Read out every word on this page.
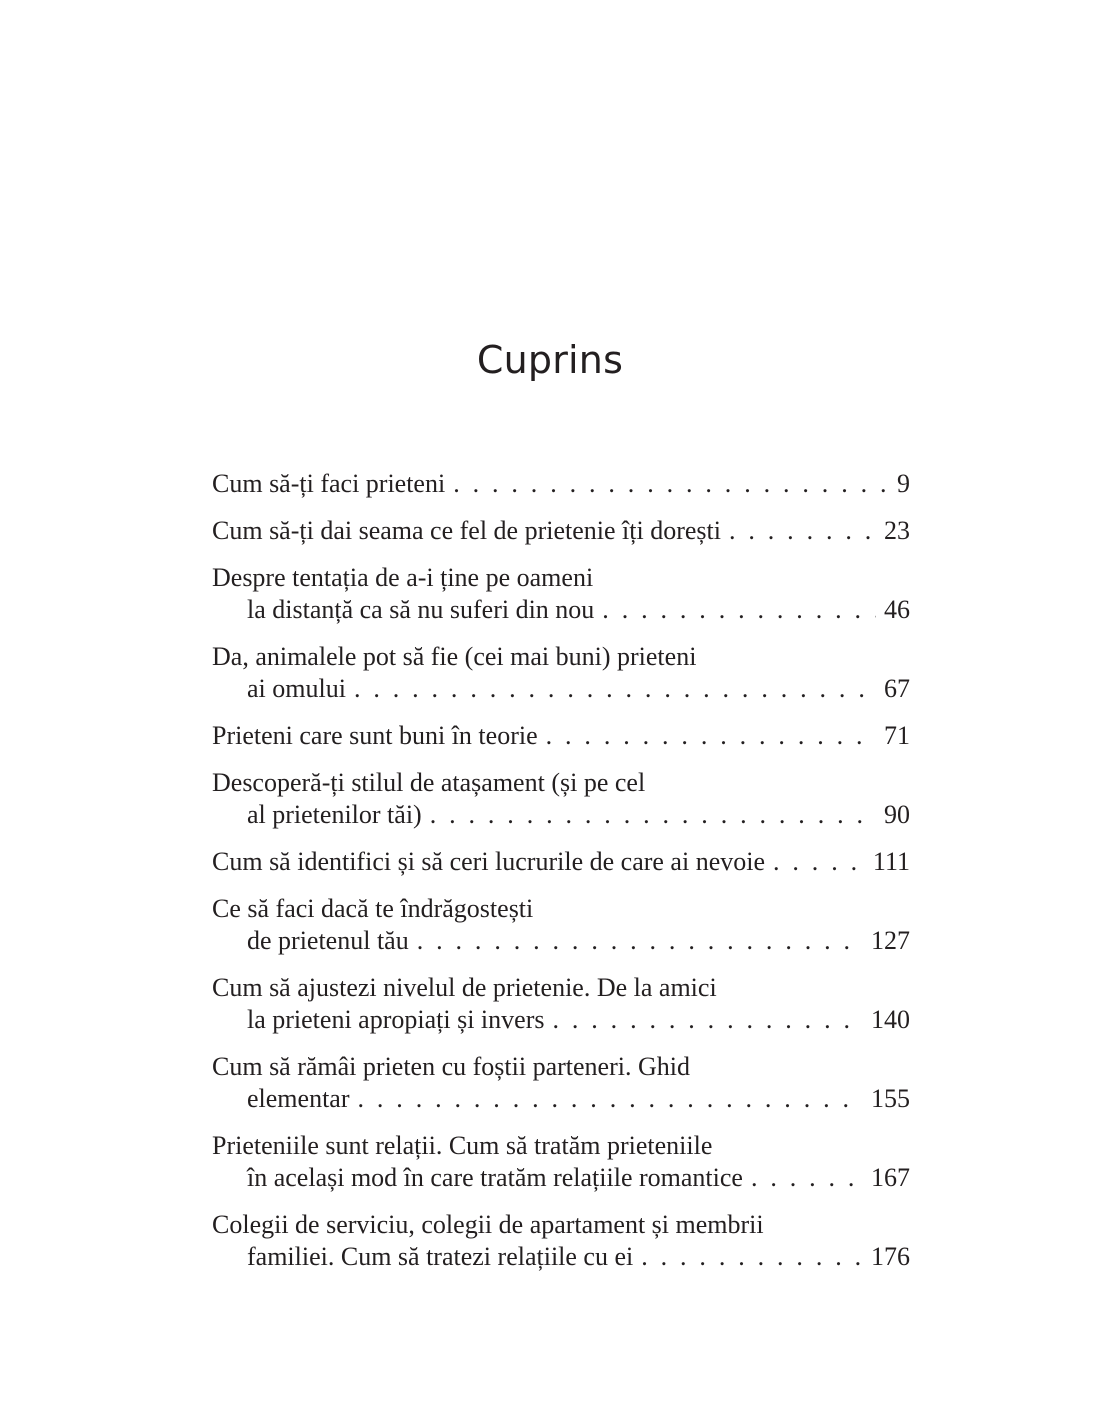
Cuprins
Cum să-ți faci prieteni . . .	9
Cum să-ți dai seama ce fel de prietenie îți dorești . . .	23
Despre tentația de a-i ține pe oameni
la distanță ca să nu suferi din nou . . .	46
Da, animalele pot să fie (cei mai buni) prieteni
ai omului . . .	67
Prieteni care sunt buni în teorie . . .	71
Descoperă-ți stilul de atașament (și pe cel
al prietenilor tăi) . . .	90
Cum să identifici și să ceri lucrurile de care ai nevoie . . .	111
Ce să faci dacă te îndrăgostești
de prietenul tău . . .	127
Cum să ajustezi nivelul de prietenie. De la amici
la prieteni apropiați și invers . . .	140
Cum să rămâi prieten cu foștii parteneri. Ghid
elementar . . .	155
Prieteniile sunt relații. Cum să tratăm prieteniile
în același mod în care tratăm relațiile romantice . . .	167
Colegii de serviciu, colegii de apartament și membrii
familiei. Cum să tratezi relațiile cu ei . . .	176
